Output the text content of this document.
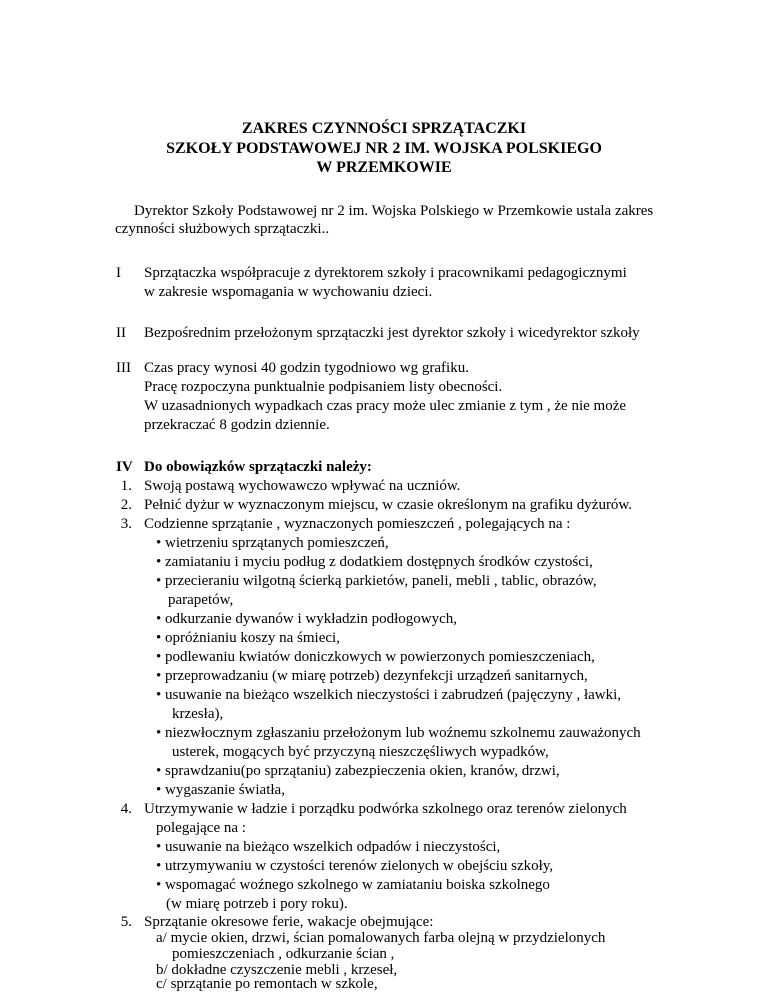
ZAKRES CZYNNOŚCI SPRZĄTACZKI
SZKOŁY PODSTAWOWEJ NR 2 IM. WOJSKA POLSKIEGO
W PRZEMKOWIE
Dyrektor Szkoły Podstawowej nr 2 im. Wojska Polskiego w Przemkowie ustala zakres
czynności służbowych sprzątaczki..
I Sprzątaczka współpracuje z dyrektorem szkoły i pracownikami pedagogicznymi
w zakresie wspomagania w wychowaniu dzieci.
II Bezpośrednim przełożonym sprzątaczki jest dyrektor szkoły i wicedyrektor szkoły
III Czas pracy wynosi 40 godzin tygodniowo wg grafiku.
Pracę rozpoczyna punktualnie podpisaniem listy obecności.
W uzasadnionych wypadkach czas pracy może ulec zmianie z tym , że nie może
przekraczać 8 godzin dziennie.
IV Do obowiązków sprzątaczki należy:
1. Swoją postawą wychowawczo wpływać na uczniów.
2. Pełnić dyżur w wyznaczonym miejscu, w czasie określonym na grafiku dyżurów.
3. Codzienne sprzątanie , wyznaczonych pomieszczeń , polegających na :
• wietrzeniu sprzątanych pomieszczeń,
• zamiataniu i myciu podług z dodatkiem dostępnych środków czystości,
• przecieraniu wilgotną ścierką parkietów, paneli, mebli , tablic, obrazów,
parapetów,
• odkurzanie dywanów i wykładzin podłogowych,
• opróżnianiu koszy na śmieci,
• podlewaniu kwiatów doniczkowych w powierzonych pomieszczeniach,
• przeprowadzaniu (w miarę potrzeb) dezynfekcji urządzeń sanitarnych,
• usuwanie na bieżąco wszelkich nieczystości i zabrudzeń (pajęczyny , ławki,
krzesła),
• niezwłocznym zgłaszaniu przełożonym lub woźnemu szkolnemu zauważonych
usterek, mogących być przyczyną nieszczęśliwych wypadków,
• sprawdzaniu(po sprzątaniu) zabezpieczenia okien, kranów, drzwi,
• wygaszanie światła,
4. Utrzymywanie w ładzie i porządku podwórka szkolnego oraz terenów zielonych
polegające na :
• usuwanie na bieżąco wszelkich odpadów i nieczystości,
• utrzymywaniu w czystości terenów zielonych w obejściu szkoły,
• wspomagać woźnego szkolnego w zamiataniu boiska szkolnego
(w miarę potrzeb i pory roku).
5. Sprzątanie okresowe ferie, wakacje obejmujące:
a/ mycie okien, drzwi, ścian pomalowanych farba olejną w przydzielonych
pomieszczeniach , odkurzanie ścian ,
b/ dokładne czyszczenie mebli , krzeseł,
c/ sprzątanie po remontach w szkole,
